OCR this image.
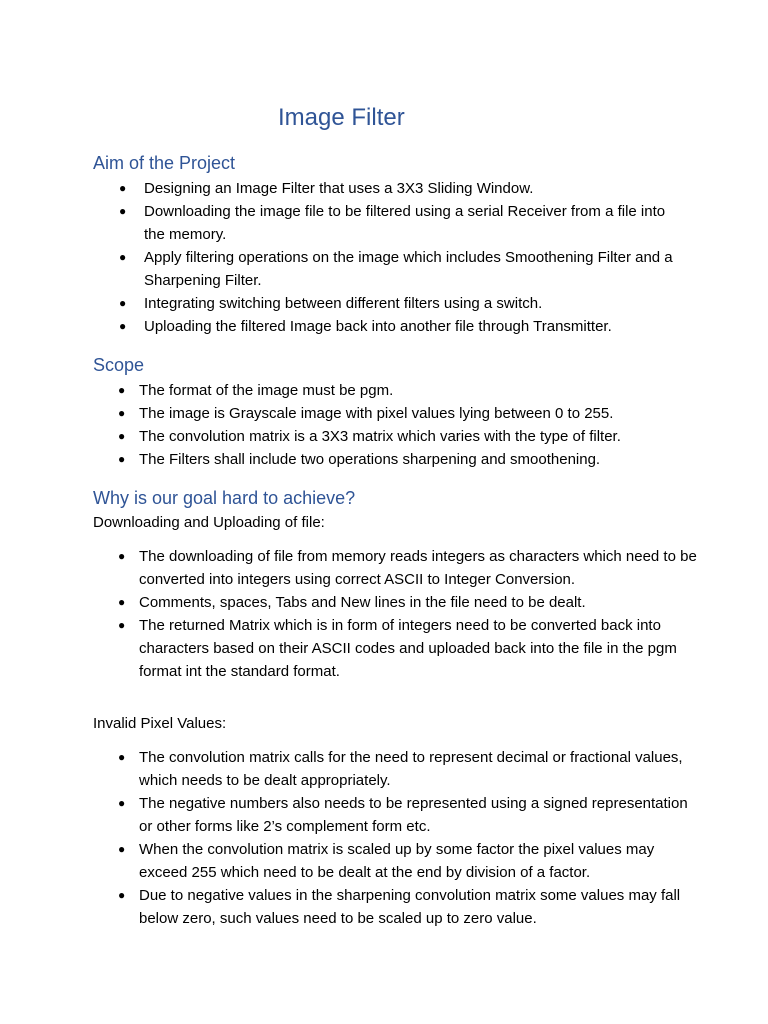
Image Filter
Aim of the Project
● Designing an Image Filter that uses a 3X3 Sliding Window.
● Downloading the image file to be filtered using a serial Receiver from a file into the memory.
● Apply filtering operations on the image which includes Smoothening Filter and a Sharpening Filter.
● Integrating switching between different filters using a switch.
● Uploading the filtered Image back into another file through Transmitter.
Scope
● The format of the image must be pgm.
● The image is Grayscale image with pixel values lying between 0 to 255.
● The convolution matrix is a 3X3 matrix which varies with the type of filter.
● The Filters shall include two operations sharpening and smoothening.
Why is our goal hard to achieve?
Downloading and Uploading of file:
● The downloading of file from memory reads integers as characters which need to be converted into integers using correct ASCII to Integer Conversion.
● Comments, spaces, Tabs and New lines in the file need to be dealt.
● The returned Matrix which is in form of integers need to be converted back into characters based on their ASCII codes and uploaded back into the file in the pgm format int the standard format.
Invalid Pixel Values:
● The convolution matrix calls for the need to represent decimal or fractional values, which needs to be dealt appropriately.
● The negative numbers also needs to be represented using a signed representation or other forms like 2’s complement form etc.
● When the convolution matrix is scaled up by some factor the pixel values may exceed 255 which need to be dealt at the end by division of a factor.
● Due to negative values in the sharpening convolution matrix some values may fall below zero, such values need to be scaled up to zero value.
